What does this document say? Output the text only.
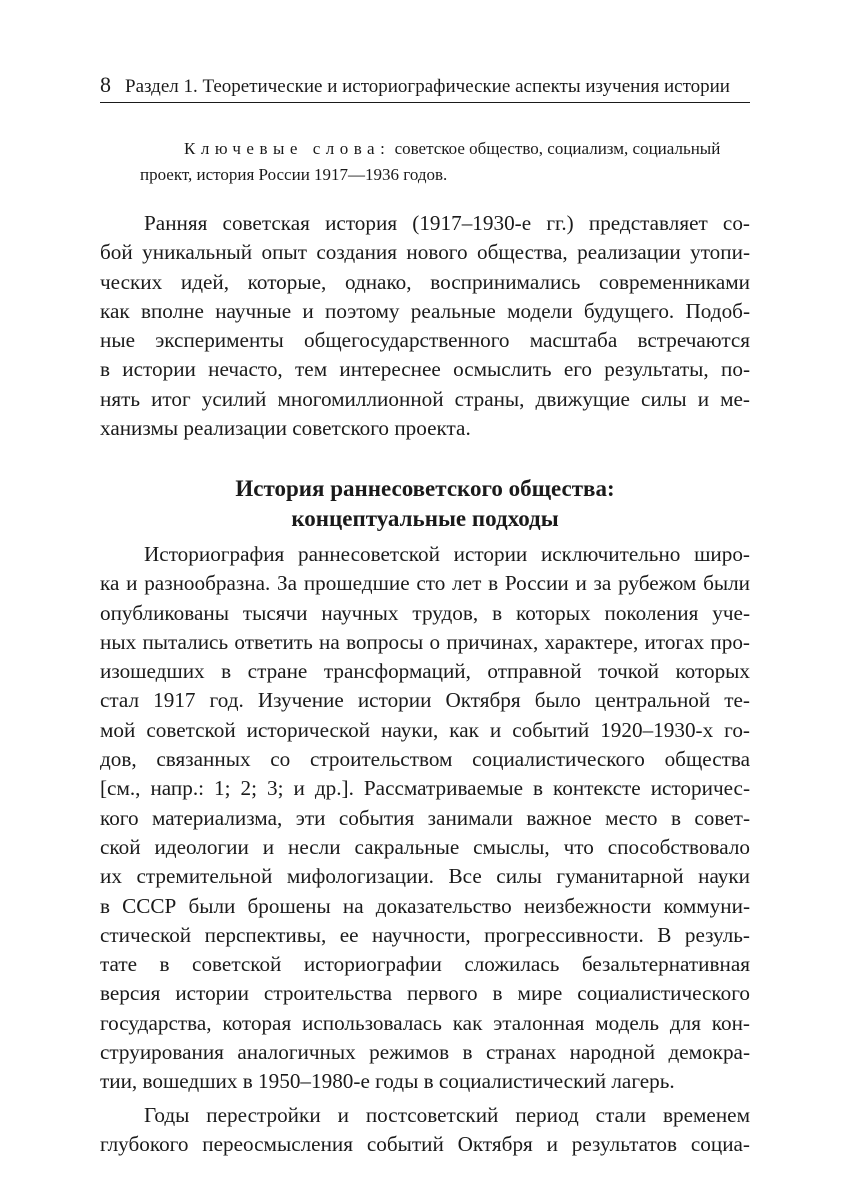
8 Раздел 1. Теоретические и историографические аспекты изучения истории
Ключевые слова: советское общество, социализм, социальный
проект, история России 1917—1936 годов.
Ранняя советская история (1917–1930-е гг.) представляет со-
бой уникальный опыт создания нового общества, реализации утопи-
ческих идей, которые, однако, воспринимались современниками
как вполне научные и поэтому реальные модели будущего. Подоб-
ные эксперименты общегосударственного масштаба встречаются
в истории нечасто, тем интереснее осмыслить его результаты, по-
нять итог усилий многомиллионной страны, движущие силы и ме-
ханизмы реализации советского проекта.
История раннесоветского общества:
концептуальные подходы
Историография раннесоветской истории исключительно широ-
ка и разнообразна. За прошедшие сто лет в России и за рубежом были
опубликованы тысячи научных трудов, в которых поколения уче-
ных пытались ответить на вопросы о причинах, характере, итогах про-
изошедших в стране трансформаций, отправной точкой которых
стал 1917 год. Изучение истории Октября было центральной те-
мой советской исторической науки, как и событий 1920–1930-х го-
дов, связанных со строительством социалистического общества
[см., напр.: 1; 2; 3; и др.]. Рассматриваемые в контексте историчес-
кого материализма, эти события занимали важное место в совет-
ской идеологии и несли сакральные смыслы, что способствовало
их стремительной мифологизации. Все силы гуманитарной науки
в СССР были брошены на доказательство неизбежности коммуни-
стической перспективы, ее научности, прогрессивности. В резуль-
тате в советской историографии сложилась безальтернативная
версия истории строительства первого в мире социалистического
государства, которая использовалась как эталонная модель для кон-
струирования аналогичных режимов в странах народной демокра-
тии, вошедших в 1950–1980-е годы в социалистический лагерь.
Годы перестройки и постсоветский период стали временем
глубокого переосмысления событий Октября и результатов социа-
